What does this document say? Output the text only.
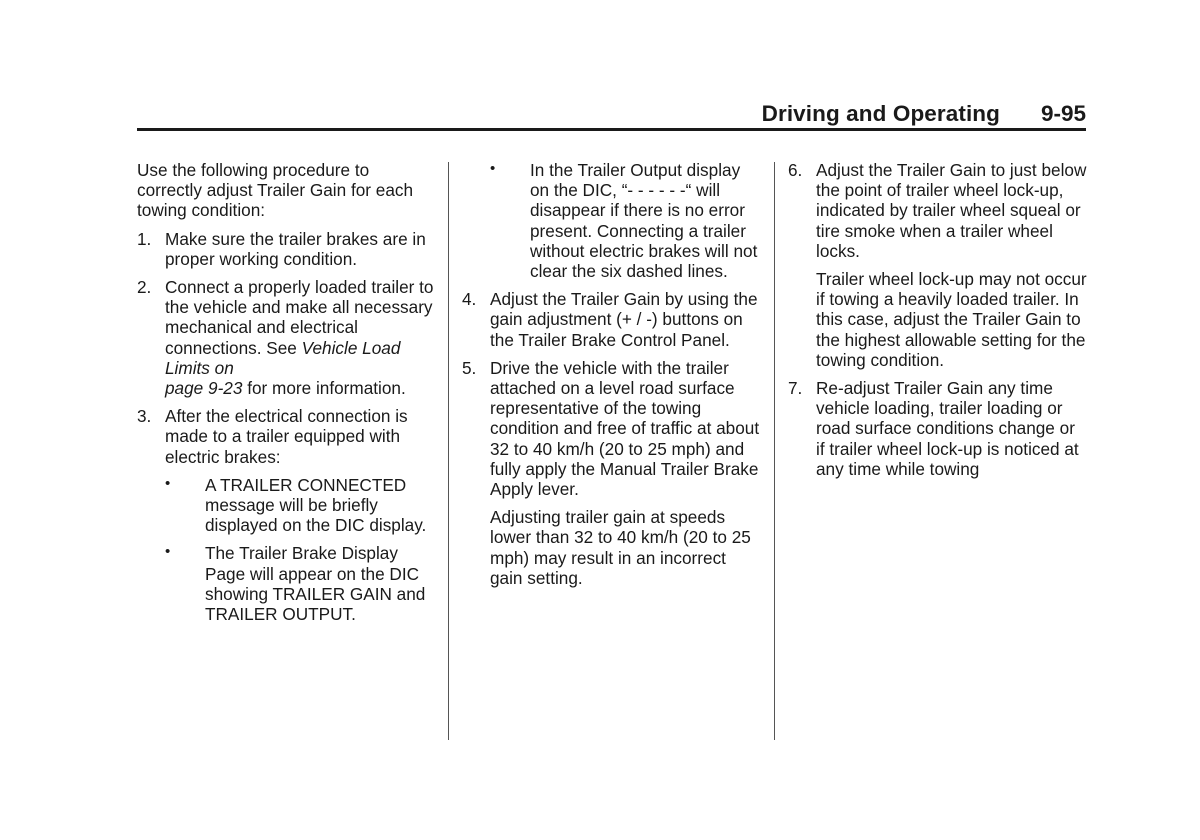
Driving and Operating 9-95

Use the following procedure to correctly adjust Trailer Gain for each towing condition:

1. Make sure the trailer brakes are in proper working condition.

2. Connect a properly loaded trailer to the vehicle and make all necessary mechanical and electrical connections. See Vehicle Load Limits on
page 9-23 for more information.

3. After the electrical connection is made to a trailer equipped with electric brakes:

• A TRAILER CONNECTED message will be briefly displayed on the DIC display.

• The Trailer Brake Display Page will appear on the DIC showing TRAILER GAIN and TRAILER OUTPUT.

• In the Trailer Output display on the DIC, “- - - - - -“ will disappear if there is no error present. Connecting a trailer without electric brakes will not clear the six dashed lines.

4. Adjust the Trailer Gain by using the gain adjustment (+ / -) buttons on the Trailer Brake Control Panel.

5. Drive the vehicle with the trailer attached on a level road surface representative of the towing condition and free of traffic at about 32 to 40 km/h (20 to 25 mph) and fully apply the Manual Trailer Brake Apply lever.

Adjusting trailer gain at speeds lower than 32 to 40 km/h (20 to 25 mph) may result in an incorrect gain setting.

6. Adjust the Trailer Gain to just below the point of trailer wheel lock-up, indicated by trailer wheel squeal or tire smoke when a trailer wheel locks.

Trailer wheel lock-up may not occur if towing a heavily loaded trailer. In this case, adjust the Trailer Gain to the highest allowable setting for the towing condition.

7. Re-adjust Trailer Gain any time vehicle loading, trailer loading or road surface conditions change or if trailer wheel lock-up is noticed at any time while towing
